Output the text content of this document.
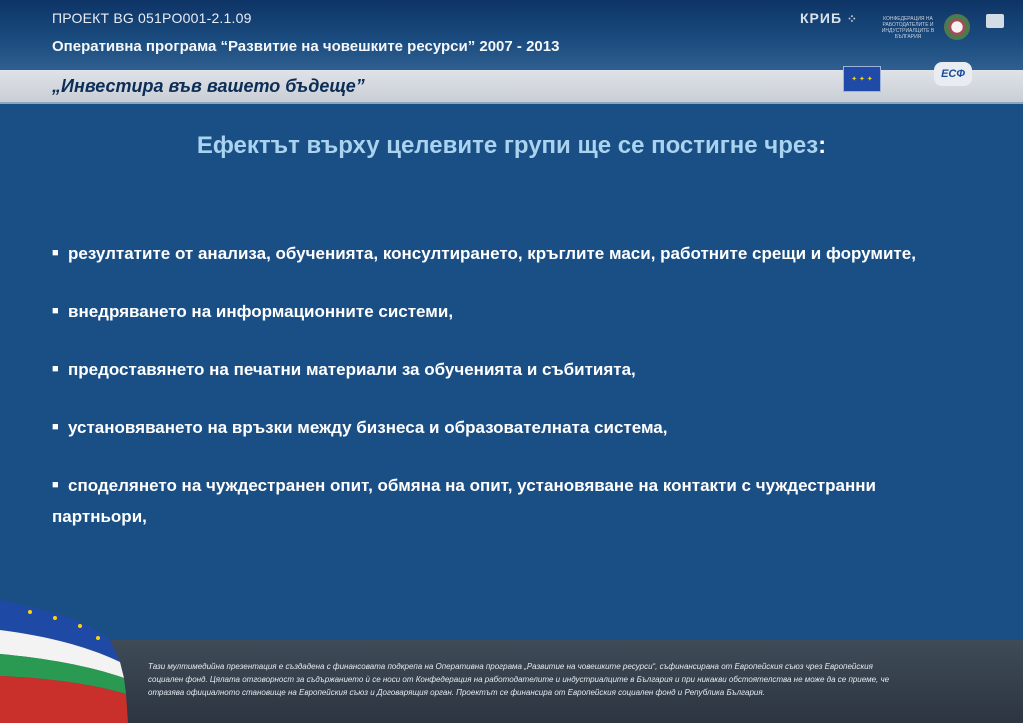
ПРОЕКТ BG 051PO001-2.1.09
Оперативна програма “Развитие на човешките ресурси” 2007 - 2013
КРИБ ⁘	КОНФЕДЕРАЦИЯ НА РАБОТОДАТЕЛИТЕ И ИНДУСТРИАЛЦИТЕ В БЪЛГАРИЯ
„Инвестира във вашето бъдеще”	✦ ✦ ✦	ЕСФ
Ефектът върху целевите групи ще се постигне чрез:
■ резултатите от анализа, обученията, консултирането, кръглите маси, работните срещи и форумите,
■ внедряването на информационните системи,
■ предоставянето на печатни материали за обученията и събитията,
■ установяването на връзки между бизнеса и образователната система,
■ споделянето на чуждестранен опит, обмяна на опит, установяване на контакти с чуждестранни партньори,
Тази мултимедийна презентация е създадена с финансовата подкрепа на Оперативна програма „Развитие на човешките ресурси“, съфинансирана от Европейския съюз чрез Европейския социален фонд. Цялата отговорност за съдържанието ѝ се носи от Конфедерация на работодателите и индустриалците в България и при никакви обстоятелства не може да се приеме, че отразява официалното становище на Европейския съюз и Договарящия орган. Проектът се финансира от Европейския социален фонд и Република България.
